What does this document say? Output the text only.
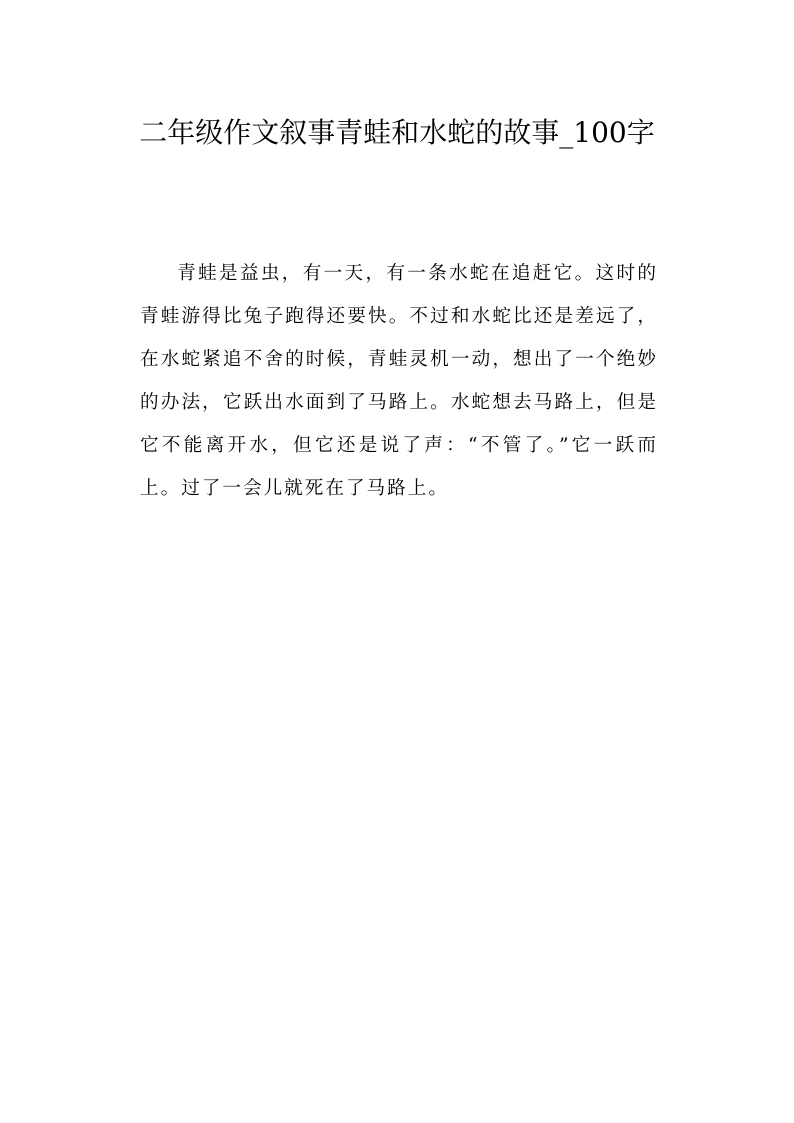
二年级作文叙事青蛙和水蛇的故事_100字

青蛙是益虫，有一天，有一条水蛇在追赶它。这时的青蛙游得比兔子跑得还要快。不过和水蛇比还是差远了，在水蛇紧追不舍的时候，青蛙灵机一动，想出了一个绝妙的办法，它跃出水面到了马路上。水蛇想去马路上，但是它不能离开水，但它还是说了声：“不管了。”它一跃而上。过了一会儿就死在了马路上。
